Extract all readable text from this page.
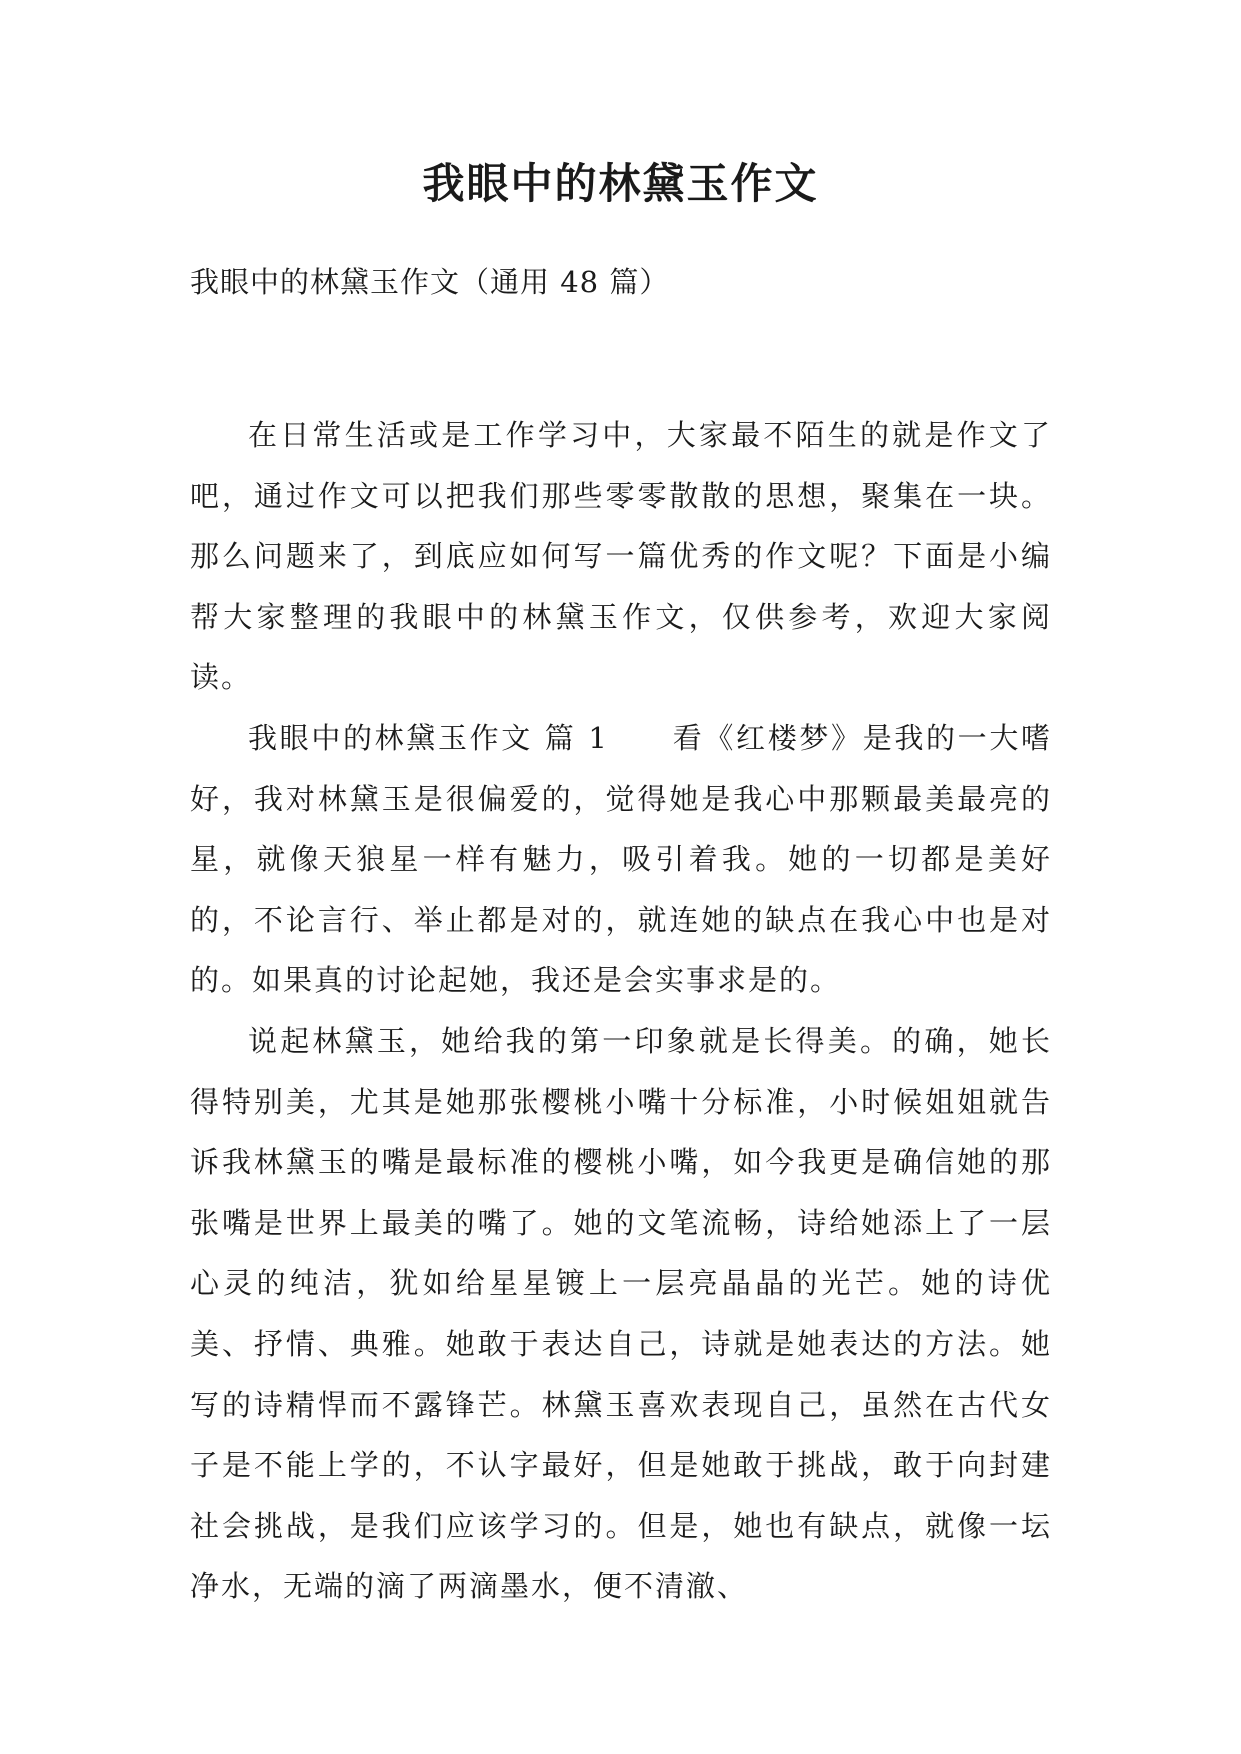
我眼中的林黛玉作文

我眼中的林黛玉作文（通用 48 篇）

在日常生活或是工作学习中，大家最不陌生的就是作文了吧，通过作文可以把我们那些零零散散的思想，聚集在一块。那么问题来了，到底应如何写一篇优秀的作文呢？下面是小编帮大家整理的我眼中的林黛玉作文，仅供参考，欢迎大家阅读。

我眼中的林黛玉作文 篇 1　　看《红楼梦》是我的一大嗜好，我对林黛玉是很偏爱的，觉得她是我心中那颗最美最亮的星，就像天狼星一样有魅力，吸引着我。她的一切都是美好的，不论言行、举止都是对的，就连她的缺点在我心中也是对的。如果真的讨论起她，我还是会实事求是的。

说起林黛玉，她给我的第一印象就是长得美。的确，她长得特别美，尤其是她那张樱桃小嘴十分标准，小时候姐姐就告诉我林黛玉的嘴是最标准的樱桃小嘴，如今我更是确信她的那张嘴是世界上最美的嘴了。她的文笔流畅，诗给她添上了一层心灵的纯洁，犹如给星星镀上一层亮晶晶的光芒。她的诗优美、抒情、典雅。她敢于表达自己，诗就是她表达的方法。她写的诗精悍而不露锋芒。林黛玉喜欢表现自己，虽然在古代女子是不能上学的，不认字最好，但是她敢于挑战，敢于向封建社会挑战，是我们应该学习的。但是，她也有缺点，就像一坛净水，无端的滴了两滴墨水，便不清澈、
